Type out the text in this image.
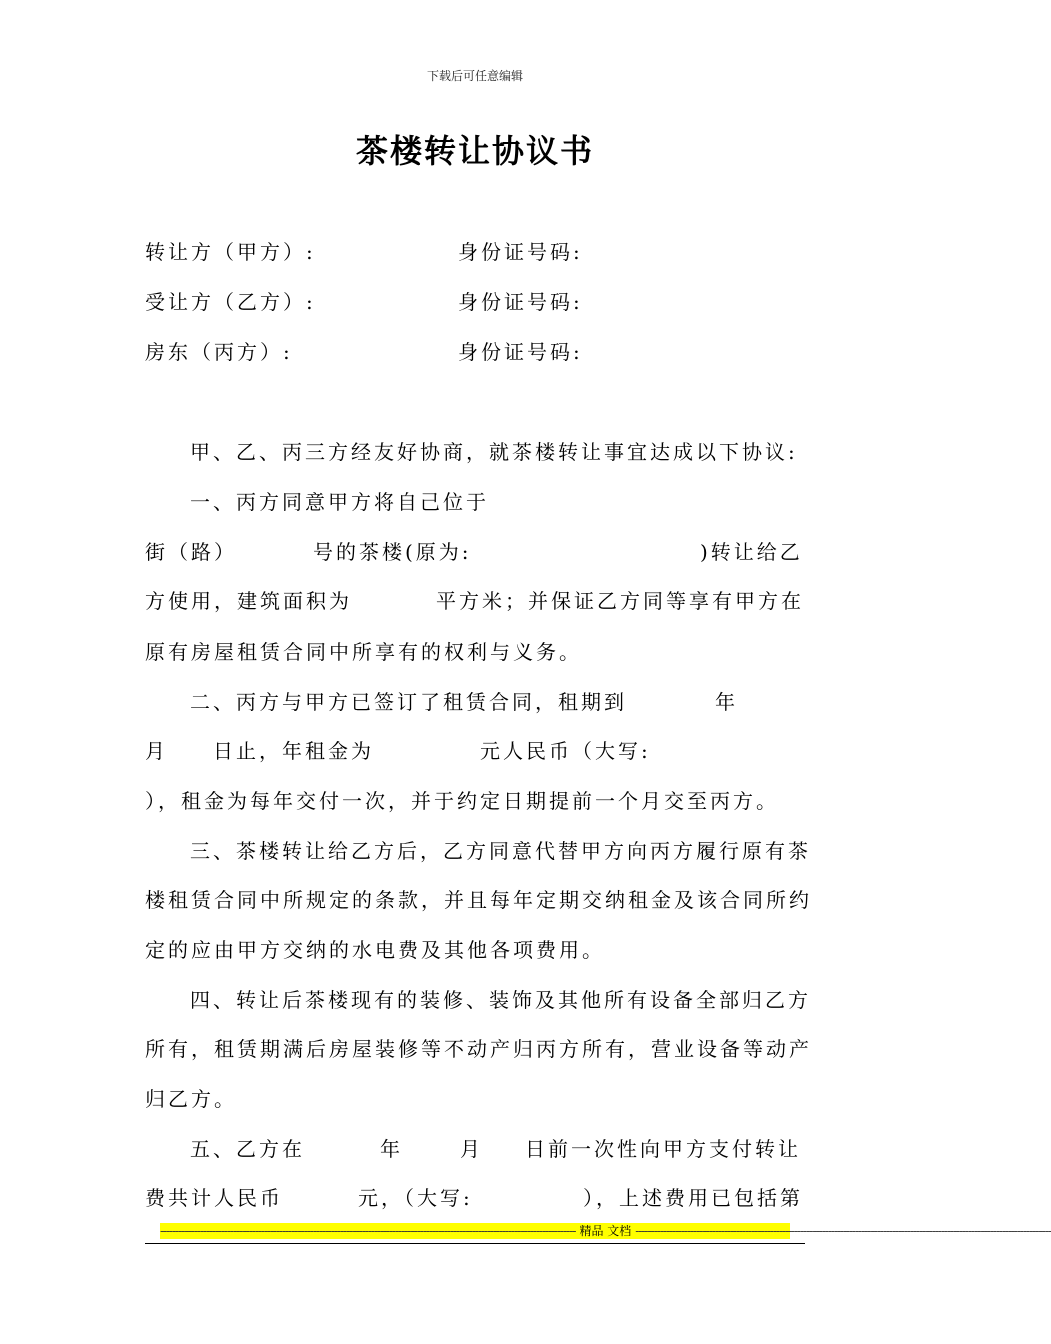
下载后可任意编辑
茶楼转让协议书
转让方（甲方）:	身份证号码:
受让方（乙方）:	身份证号码:
房东（丙方）:	身份证号码:
甲、乙、丙三方经友好协商，就茶楼转让事宜达成以下协议:
一、丙方同意甲方将自己位于
街（路）	号的茶楼(原为:	)转让给乙
方使用，建筑面积为	平方米；并保证乙方同等享有甲方在
原有房屋租赁合同中所享有的权利与义务。
二、丙方与甲方已签订了租赁合同，租期到	年
月 日止，年租金为	元人民币（大写:
），租金为每年交付一次，并于约定日期提前一个月交至丙方。
三、茶楼转让给乙方后，乙方同意代替甲方向丙方履行原有茶
楼租赁合同中所规定的条款，并且每年定期交纳租金及该合同所约
定的应由甲方交纳的水电费及其他各项费用。
四、转让后茶楼现有的装修、装饰及其他所有设备全部归乙方
所有，租赁期满后房屋装修等不动产归丙方所有，营业设备等动产
归乙方。
五、乙方在	年	月 日前一次性向甲方支付转让
费共计人民币	元，（大写:	），上述费用已包括第
---------------------------------------------------------------------------------------------------------------------------------------- 精品 文档 ----------------------------------------------------------------------------------------------------------------------------------------
